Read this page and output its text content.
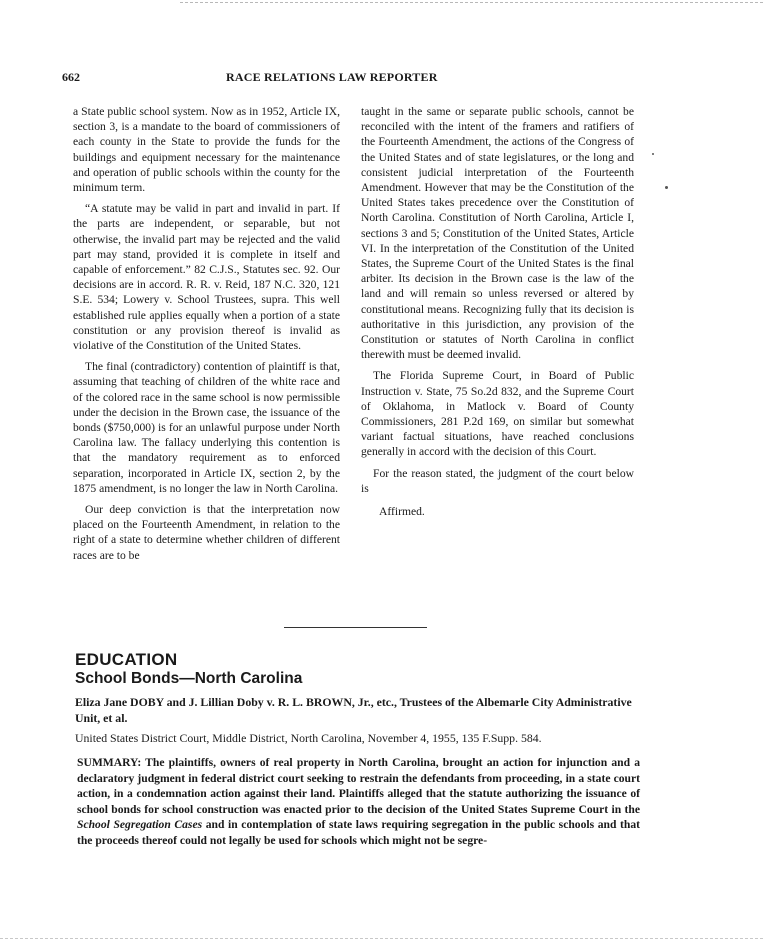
662	RACE RELATIONS LAW REPORTER

a State public school system. Now as in 1952, Article IX, section 3, is a mandate to the board of commissioners of each county in the State to provide the funds for the buildings and equipment necessary for the maintenance and operation of public schools within the county for the minimum term.

“A statute may be valid in part and invalid in part. If the parts are independent, or separable, but not otherwise, the invalid part may be rejected and the valid part may stand, provided it is complete in itself and capable of enforcement.” 82 C.J.S., Statutes sec. 92. Our decisions are in accord. R. R. v. Reid, 187 N.C. 320, 121 S.E. 534; Lowery v. School Trustees, supra. This well established rule applies equally when a portion of a state constitution or any provision thereof is invalid as violative of the Constitution of the United States.

The final (contradictory) contention of plaintiff is that, assuming that teaching of children of the white race and of the colored race in the same school is now permissible under the decision in the Brown case, the issuance of the bonds ($750,000) is for an unlawful purpose under North Carolina law. The fallacy underlying this contention is that the mandatory requirement as to enforced separation, incorporated in Article IX, section 2, by the 1875 amendment, is no longer the law in North Carolina.

Our deep conviction is that the interpretation now placed on the Fourteenth Amendment, in relation to the right of a state to determine whether children of different races are to be

taught in the same or separate public schools, cannot be reconciled with the intent of the framers and ratifiers of the Fourteenth Amendment, the actions of the Congress of the United States and of state legislatures, or the long and consistent judicial interpretation of the Fourteenth Amendment. However that may be the Constitution of the United States takes precedence over the Constitution of North Carolina. Constitution of North Carolina, Article I, sections 3 and 5; Constitution of the United States, Article VI. In the interpretation of the Constitution of the United States, the Supreme Court of the United States is the final arbiter. Its decision in the Brown case is the law of the land and will remain so unless reversed or altered by constitutional means. Recognizing fully that its decision is authoritative in this jurisdiction, any provision of the Constitution or statutes of North Carolina in conflict therewith must be deemed invalid.

The Florida Supreme Court, in Board of Public Instruction v. State, 75 So.2d 832, and the Supreme Court of Oklahoma, in Matlock v. Board of County Commissioners, 281 P.2d 169, on similar but somewhat variant factual situations, have reached conclusions generally in accord with the decision of this Court.

For the reason stated, the judgment of the court below is

Affirmed.

EDUCATION
School Bonds—North Carolina
Eliza Jane DOBY and J. Lillian Doby v. R. L. BROWN, Jr., etc., Trustees of the Albemarle City Administrative Unit, et al.
United States District Court, Middle District, North Carolina, November 4, 1955, 135 F.Supp. 584.
SUMMARY: The plaintiffs, owners of real property in North Carolina, brought an action for injunction and a declaratory judgment in federal district court seeking to restrain the defendants from proceeding, in a state court action, in a condemnation action against their land. Plaintiffs alleged that the statute authorizing the issuance of school bonds for school construction was enacted prior to the decision of the United States Supreme Court in the School Segregation Cases and in contemplation of state laws requiring segregation in the public schools and that the proceeds thereof could not legally be used for schools which might not be segre-
